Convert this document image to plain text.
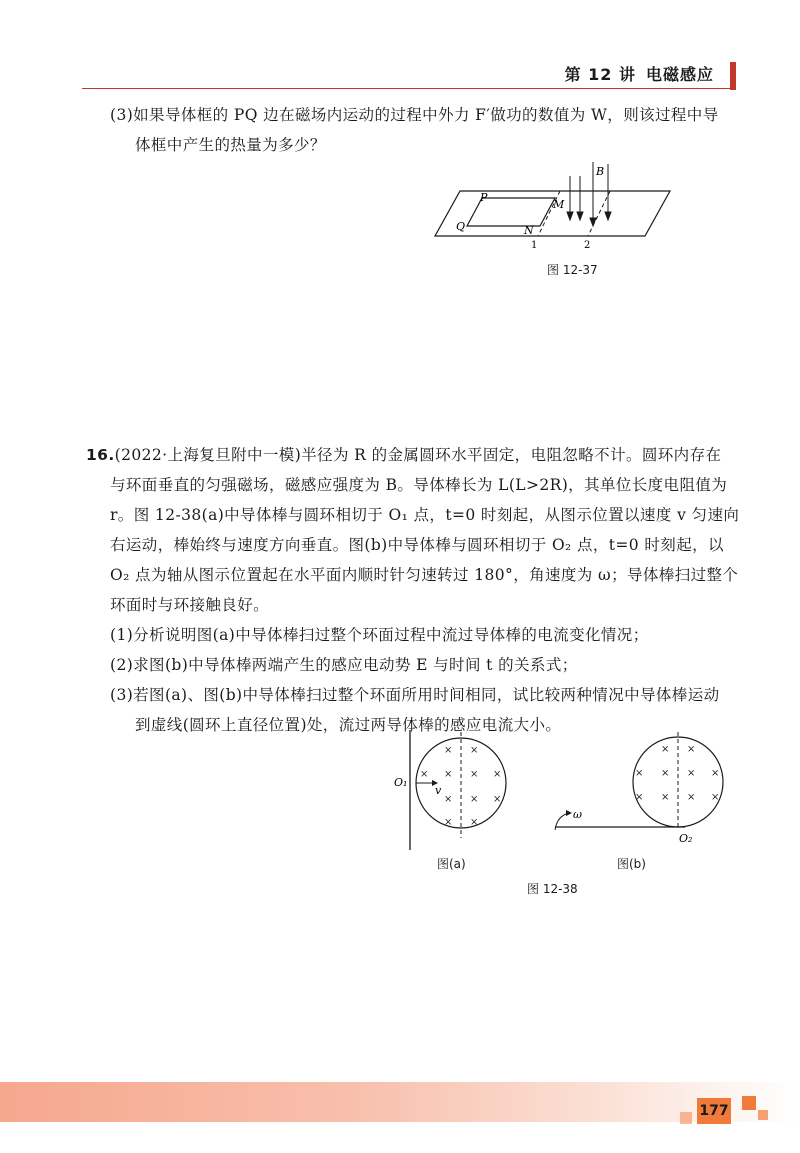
第 12 讲 电磁感应
(3)如果导体框的 PQ 边在磁场内运动的过程中外力 F′做功的数值为 W，则该过程中导
体框中产生的热量为多少？
P
M
Q	N
B
1	2
图 12-37
16.(2022·上海复旦附中一模)半径为 R 的金属圆环水平固定，电阻忽略不计。圆环内存在
与环面垂直的匀强磁场，磁感应强度为 B。导体棒长为 L(L>2R)，其单位长度电阻值为
r。图 12-38(a)中导体棒与圆环相切于 O₁ 点，t=0 时刻起，从图示位置以速度 v 匀速向
右运动，棒始终与速度方向垂直。图(b)中导体棒与圆环相切于 O₂ 点，t=0 时刻起，以
O₂ 点为轴从图示位置起在水平面内顺时针匀速转过 180°，角速度为 ω；导体棒扫过整个
环面时与环接触良好。
(1)分析说明图(a)中导体棒扫过整个环面过程中流过导体棒的电流变化情况；
(2)求图(b)中导体棒两端产生的感应电动势 E 与时间 t 的关系式；
(3)若图(a)、图(b)中导体棒扫过整个环面所用时间相同，试比较两种情况中导体棒运动
到虚线(圆环上直径位置)处，流过两导体棒的感应电流大小。
× ×
× × × ×
× × ×
× ×
O₁
v
图(a)
× ×
× × × ×
× × × ×
ω
O₂
图(b)
图 12-38
177
